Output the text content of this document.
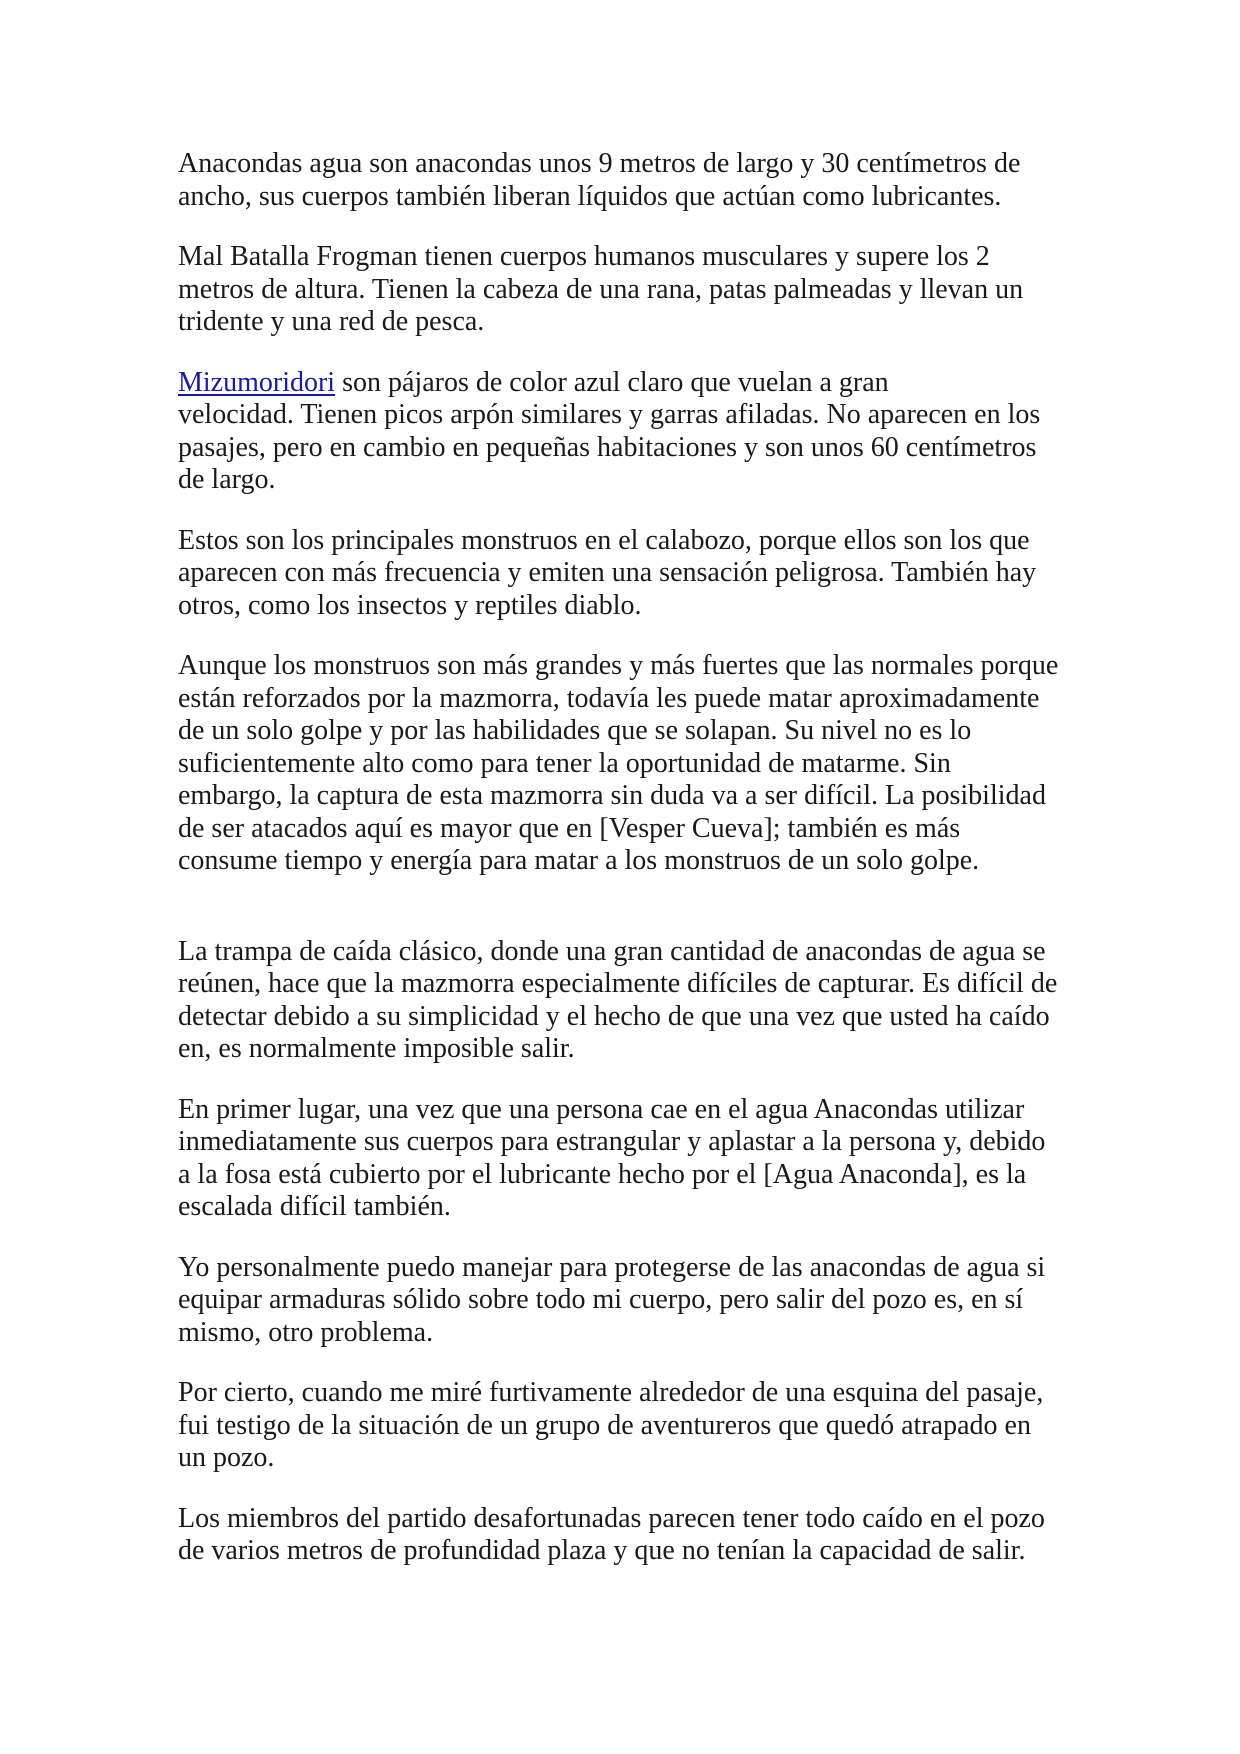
Anacondas agua son anacondas unos 9 metros de largo y 30 centímetros de
ancho, sus cuerpos también liberan líquidos que actúan como lubricantes.

Mal Batalla Frogman tienen cuerpos humanos musculares y supere los 2
metros de altura. Tienen la cabeza de una rana, patas palmeadas y llevan un
tridente y una red de pesca.

Mizumoridori son pájaros de color azul claro que vuelan a gran
velocidad. Tienen picos arpón similares y garras afiladas. No aparecen en los
pasajes, pero en cambio en pequeñas habitaciones y son unos 60 centímetros
de largo.

Estos son los principales monstruos en el calabozo, porque ellos son los que
aparecen con más frecuencia y emiten una sensación peligrosa. También hay
otros, como los insectos y reptiles diablo.

Aunque los monstruos son más grandes y más fuertes que las normales porque
están reforzados por la mazmorra, todavía les puede matar aproximadamente
de un solo golpe y por las habilidades que se solapan. Su nivel no es lo
suficientemente alto como para tener la oportunidad de matarme. Sin
embargo, la captura de esta mazmorra sin duda va a ser difícil. La posibilidad
de ser atacados aquí es mayor que en [Vesper Cueva]; también es más
consume tiempo y energía para matar a los monstruos de un solo golpe.

La trampa de caída clásico, donde una gran cantidad de anacondas de agua se
reúnen, hace que la mazmorra especialmente difíciles de capturar. Es difícil de
detectar debido a su simplicidad y el hecho de que una vez que usted ha caído
en, es normalmente imposible salir.

En primer lugar, una vez que una persona cae en el agua Anacondas utilizar
inmediatamente sus cuerpos para estrangular y aplastar a la persona y, debido
a la fosa está cubierto por el lubricante hecho por el [Agua Anaconda], es la
escalada difícil también.

Yo personalmente puedo manejar para protegerse de las anacondas de agua si
equipar armaduras sólido sobre todo mi cuerpo, pero salir del pozo es, en sí
mismo, otro problema.

Por cierto, cuando me miré furtivamente alrededor de una esquina del pasaje,
fui testigo de la situación de un grupo de aventureros que quedó atrapado en
un pozo.

Los miembros del partido desafortunadas parecen tener todo caído en el pozo
de varios metros de profundidad plaza y que no tenían la capacidad de salir.
